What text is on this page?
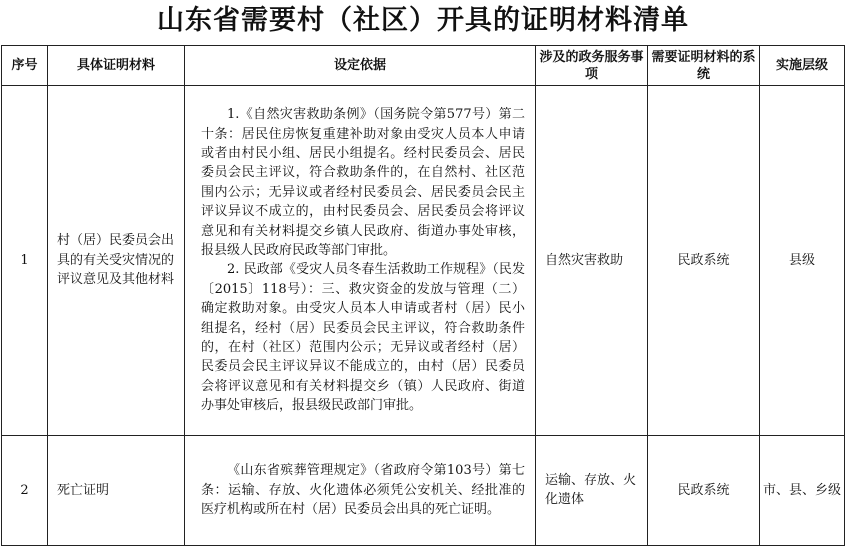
山东省需要村（社区）开具的证明材料清单
序号	具体证明材料	设定依据	涉及的政务服务事项	需要证明材料的系统	实施层级
1	村（居）民委员会出具的有关受灾情况的评议意见及其他材料	1.《自然灾害救助条例》（国务院令第577号）第二十条：居民住房恢复重建补助对象由受灾人员本人申请或者由村民小组、居民小组提名。经村民委员会、居民委员会民主评议，符合救助条件的，在自然村、社区范围内公示；无异议或者经村民委员会、居民委员会民主评议异议不成立的，由村民委员会、居民委员会将评议意见和有关材料提交乡镇人民政府、街道办事处审核，报县级人民政府民政等部门审批。

2. 民政部《受灾人员冬春生活救助工作规程》（民发〔2015〕118号）：三、救灾资金的发放与管理（二）确定救助对象。由受灾人员本人申请或者村（居）民小组提名，经村（居）民委员会民主评议，符合救助条件的，在村（社区）范围内公示；无异议或者经村（居）民委员会民主评议异议不能成立的，由村（居）民委员会将评议意见和有关材料提交乡（镇）人民政府、街道办事处审核后，报县级民政部门审批。	自然灾害救助	民政系统	县级
2	死亡证明	《山东省殡葬管理规定》（省政府令第103号）第七条：运输、存放、火化遗体必须凭公安机关、经批准的医疗机构或所在村（居）民委员会出具的死亡证明。	运输、存放、火化遗体	民政系统	市、县、乡级
